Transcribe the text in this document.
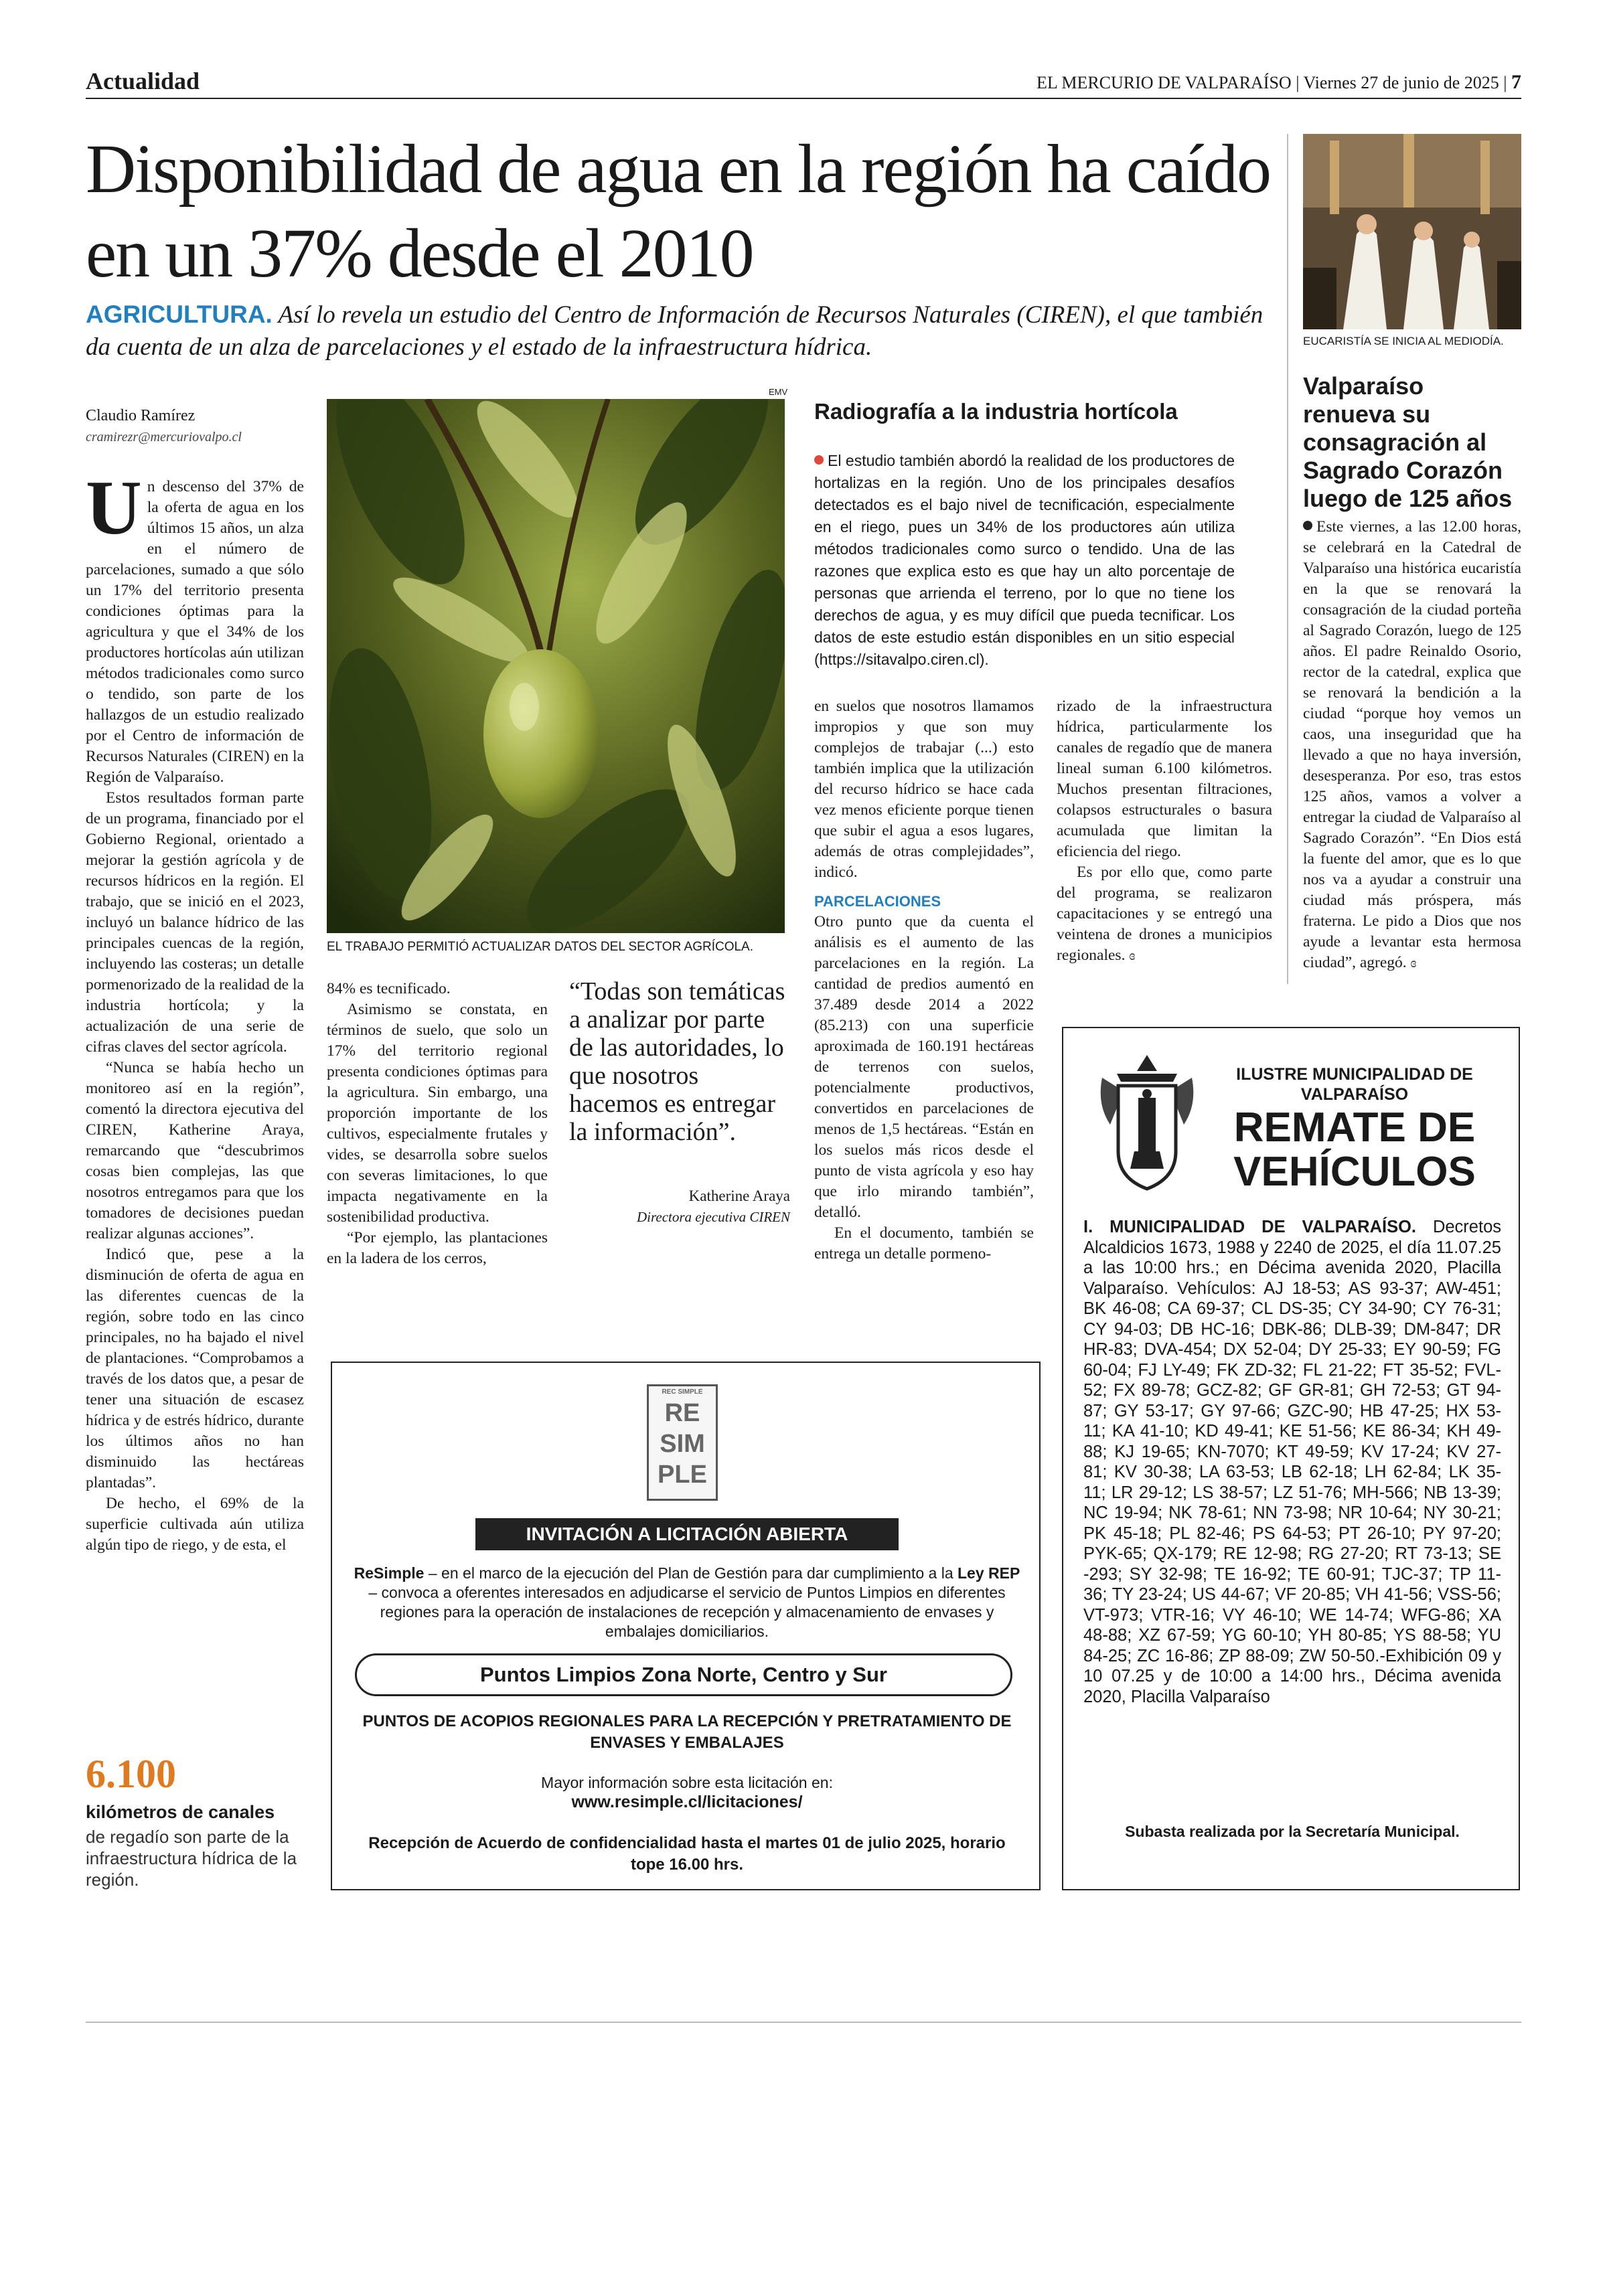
Actualidad	EL MERCURIO DE VALPARAÍSO | Viernes 27 de junio de 2025 | 7
Disponibilidad de agua en la región ha caído en un 37% desde el 2010
AGRICULTURA. Así lo revela un estudio del Centro de Información de Recursos Naturales (CIREN), el que también da cuenta de un alza de parcelaciones y el estado de la infraestructura hídrica.
Claudio Ramírez
cramirezr@mercuriovalpo.cl

Un descenso del 37% de la oferta de agua en los últimos 15 años, un alza en el número de parcelaciones, sumado a que sólo un 17% del territorio presenta condiciones óptimas para la agricultura y que el 34% de los productores hortícolas aún utilizan métodos tradicionales como surco o tendido, son parte de los hallazgos de un estudio realizado por el Centro de información de Recursos Naturales (CIREN) en la Región de Valparaíso.

Estos resultados forman parte de un programa, financiado por el Gobierno Regional, orientado a mejorar la gestión agrícola y de recursos hídricos en la región. El trabajo, que se inició en el 2023, incluyó un balance hídrico de las principales cuencas de la región, incluyendo las costeras; un detalle pormenorizado de la realidad de la industria hortícola; y la actualización de una serie de cifras claves del sector agrícola.

“Nunca se había hecho un monitoreo así en la región”, comentó la directora ejecutiva del CIREN, Katherine Araya, remarcando que “descubrimos cosas bien complejas, las que nosotros entregamos para que los tomadores de decisiones puedan realizar algunas acciones”.

Indicó que, pese a la disminución de oferta de agua en las diferentes cuencas de la región, sobre todo en las cinco principales, no ha bajado el nivel de plantaciones. “Comprobamos a través de los datos que, a pesar de tener una situación de escasez hídrica y de estrés hídrico, durante los últimos años no han disminuido las hectáreas plantadas”.

De hecho, el 69% de la superficie cultivada aún utiliza algún tipo de riego, y de esta, el

6.100
kilómetros de canales
de regadío son parte de la infraestructura hídrica de la región.
EMV
EL TRABAJO PERMITIÓ ACTUALIZAR DATOS DEL SECTOR AGRÍCOLA.

84% es tecnificado.

Asimismo se constata, en términos de suelo, que solo un 17% del territorio regional presenta condiciones óptimas para la agricultura. Sin embargo, una proporción importante de los cultivos, especialmente frutales y vides, se desarrolla sobre suelos con severas limitaciones, lo que impacta negativamente en la sostenibilidad productiva.

“Por ejemplo, las plantaciones en la ladera de los cerros,

“Todas son temáticas a analizar por parte de las autoridades, lo que nosotros hacemos es entregar la información”.
Katherine Araya
Directora ejecutiva CIREN
Radiografía a la industria hortícola
El estudio también abordó la realidad de los productores de hortalizas en la región. Uno de los principales desafíos detectados es el bajo nivel de tecnificación, especialmente en el riego, pues un 34% de los productores aún utiliza métodos tradicionales como surco o tendido. Una de las razones que explica esto es que hay un alto porcentaje de personas que arrienda el terreno, por lo que no tiene los derechos de agua, y es muy difícil que pueda tecnificar. Los datos de este estudio están disponibles en un sitio especial (https://sitavalpo.ciren.cl).

en suelos que nosotros llamamos impropios y que son muy complejos de trabajar (...) esto también implica que la utilización del recurso hídrico se hace cada vez menos eficiente porque tienen que subir el agua a esos lugares, además de otras complejidades”, indicó.

PARCELACIONES

Otro punto que da cuenta el análisis es el aumento de las parcelaciones en la región. La cantidad de predios aumentó en 37.489 desde 2014 a 2022 (85.213) con una superficie aproximada de 160.191 hectáreas de terrenos con suelos, potencialmente productivos, convertidos en parcelaciones de menos de 1,5 hectáreas. “Están en los suelos más ricos desde el punto de vista agrícola y eso hay que irlo mirando también”, detalló.

En el documento, también se entrega un detalle pormeno-

rizado de la infraestructura hídrica, particularmente los canales de regadío que de manera lineal suman 6.100 kilómetros. Muchos presentan filtraciones, colapsos estructurales o basura acumulada que limitan la eficiencia del riego.

Es por ello que, como parte del programa, se realizaron capacitaciones y se entregó una veintena de drones a municipios regionales. ɞ

EUCARISTÍA SE INICIA AL MEDIODÍA.
Valparaíso renueva su consagración al Sagrado Corazón luego de 125 años
Este viernes, a las 12.00 horas, se celebrará en la Catedral de Valparaíso una histórica eucaristía en la que se renovará la consagración de la ciudad porteña al Sagrado Corazón, luego de 125 años. El padre Reinaldo Osorio, rector de la catedral, explica que se renovará la bendición a la ciudad “porque hoy vemos un caos, una inseguridad que ha llevado a que no haya inversión, desesperanza. Por eso, tras estos 125 años, vamos a volver a entregar la ciudad de Valparaíso al Sagrado Corazón”. “En Dios está la fuente del amor, que es lo que nos va a ayudar a construir una ciudad más próspera, más fraterna. Le pido a Dios que nos ayude a levantar esta hermosa ciudad”, agregó. ɞ
REC SIMPLE
RE
SIM
PLE
INVITACIÓN A LICITACIÓN ABIERTA
ReSimple – en el marco de la ejecución del Plan de Gestión para dar cumplimiento a la Ley REP – convoca a oferentes interesados en adjudicarse el servicio de Puntos Limpios en diferentes regiones para la operación de instalaciones de recepción y almacenamiento de envases y embalajes domiciliarios.
Puntos Limpios Zona Norte, Centro y Sur
PUNTOS DE ACOPIOS REGIONALES PARA LA RECEPCIÓN Y PRETRATAMIENTO DE ENVASES Y EMBALAJES
Mayor información sobre esta licitación en:
www.resimple.cl/licitaciones/
Recepción de Acuerdo de confidencialidad hasta el martes 01 de julio 2025, horario tope 16.00 hrs.
ILUSTRE MUNICIPALIDAD DE VALPARAÍSO
REMATE DE VEHÍCULOS
I. MUNICIPALIDAD DE VALPARAÍSO. Decretos Alcaldicios 1673, 1988 y 2240 de 2025, el día 11.07.25 a las 10:00 hrs.; en Décima avenida 2020, Placilla Valparaíso. Vehículos: AJ 18-53; AS 93-37; AW-451; BK 46-08; CA 69-37; CL DS-35; CY 34-90; CY 76-31; CY 94-03; DB HC-16; DBK-86; DLB-39; DM-847; DR HR-83; DVA-454; DX 52-04; DY 25-33; EY 90-59; FG 60-04; FJ LY-49; FK ZD-32; FL 21-22; FT 35-52; FVL-52; FX 89-78; GCZ-82; GF GR-81; GH 72-53; GT 94-87; GY 53-17; GY 97-66; GZC-90; HB 47-25; HX 53-11; KA 41-10; KD 49-41; KE 51-56; KE 86-34; KH 49-88; KJ 19-65; KN-7070; KT 49-59; KV 17-24; KV 27-81; KV 30-38; LA 63-53; LB 62-18; LH 62-84; LK 35-11; LR 29-12; LS 38-57; LZ 51-76; MH-566; NB 13-39; NC 19-94; NK 78-61; NN 73-98; NR 10-64; NY 30-21; PK 45-18; PL 82-46; PS 64-53; PT 26-10; PY 97-20; PYK-65; QX-179; RE 12-98; RG 27-20; RT 73-13; SE -293; SY 32-98; TE 16-92; TE 60-91; TJC-37; TP 11-36; TY 23-24; US 44-67; VF 20-85; VH 41-56; VSS-56; VT-973; VTR-16; VY 46-10; WE 14-74; WFG-86; XA 48-88; XZ 67-59; YG 60-10; YH 80-85; YS 88-58; YU 84-25; ZC 16-86; ZP 88-09; ZW 50-50.-Exhibición 09 y 10 07.25 y de 10:00 a 14:00 hrs., Décima avenida 2020, Placilla Valparaíso
Subasta realizada por la Secretaría Municipal.
